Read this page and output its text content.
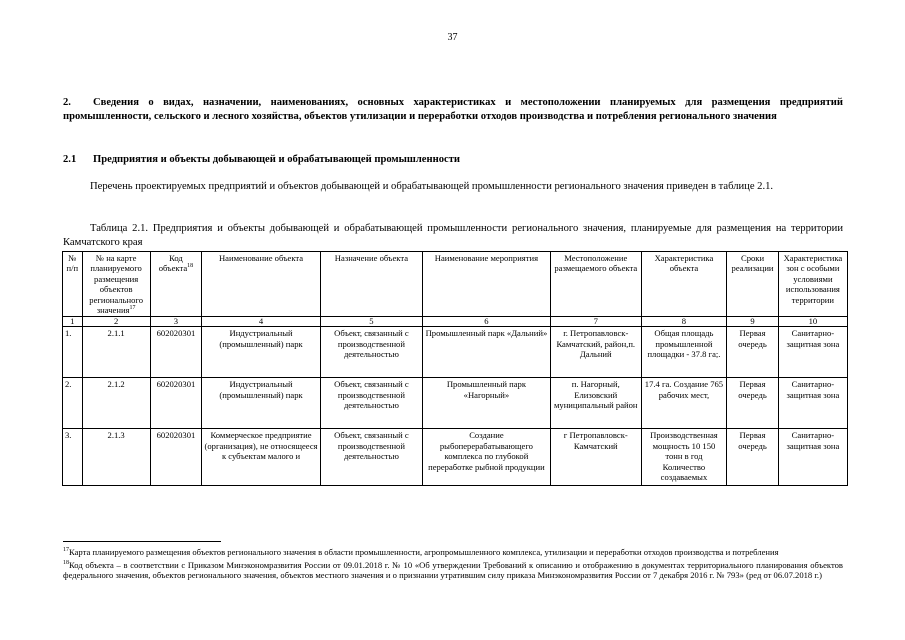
37
2. Сведения о видах, назначении, наименованиях, основных характеристиках и местоположении планируемых для размещения предприятий промышленности, сельского и лесного хозяйства, объектов утилизации и переработки отходов производства и потребления регионального значения
2.1 Предприятия и объекты добывающей и обрабатывающей промышленности
Перечень проектируемых предприятий и объектов добывающей и обрабатывающей промышленности регионального значения приведен в таблице 2.1.
Таблица 2.1. Предприятия и объекты добывающей и обрабатывающей промышленности регионального значения, планируемые для размещения на территории Камчатского края
№ п/п	№ на карте планируемого размещения объектов регионального значения$^{17}$	Код объекта$^{18}$	Наименование объекта	Назначение объекта	Наименование мероприятия	Местоположение размещаемого объекта	Характеристика объекта	Сроки реализации	Характеристика зон с особыми условиями использования территории
1	2	3	4	5	6	7	8	9	10
1.	2.1.1	602020301	Индустриальный (промышленный) парк	Объект, связанный с производственной деятельностью	Промышленный парк «Дальний»	г. Петропавловск-Камчатский, район,п. Дальний	Общая площадь промышленной площадки - 37.8 га;.	Первая очередь	Санитарно-защитная зона
2.	2.1.2	602020301	Индустриальный (промышленный) парк	Объект, связанный с производственной деятельностью	Промышленный парк «Нагорный»	п. Нагорный, Елизовский муниципальный район	17.4 га. Создание 765 рабочих мест,	Первая очередь	Санитарно-защитная зона
3.	2.1.3	602020301	Коммерческое предприятие (организация), не относящееся к субъектам малого и	Объект, связанный с производственной деятельностью	Создание рыбоперерабатывающего комплекса по глубокой переработке рыбной продукции	г Петропавловск-Камчатский	Производственная мощность 10 150 тонн в год Количество создаваемых	Первая очередь	Санитарно-защитная зона

$^{17}$Карта планируемого размещения объектов регионального значения в области промышленности, агропромышленного комплекса, утилизации и переработки отходов производства и потребления

$^{18}$Код объекта – в соответствии с Приказом Минэкономразвития России от 09.01.2018 г. № 10 «Об утверждении Требований к описанию и отображению в документах территориального планирования объектов федерального значения, объектов регионального значения, объектов местного значения и о признании утратившим силу приказа Минэкономразвития России от 7 декабря 2016 г. № 793» (ред от 06.07.2018 г.)
